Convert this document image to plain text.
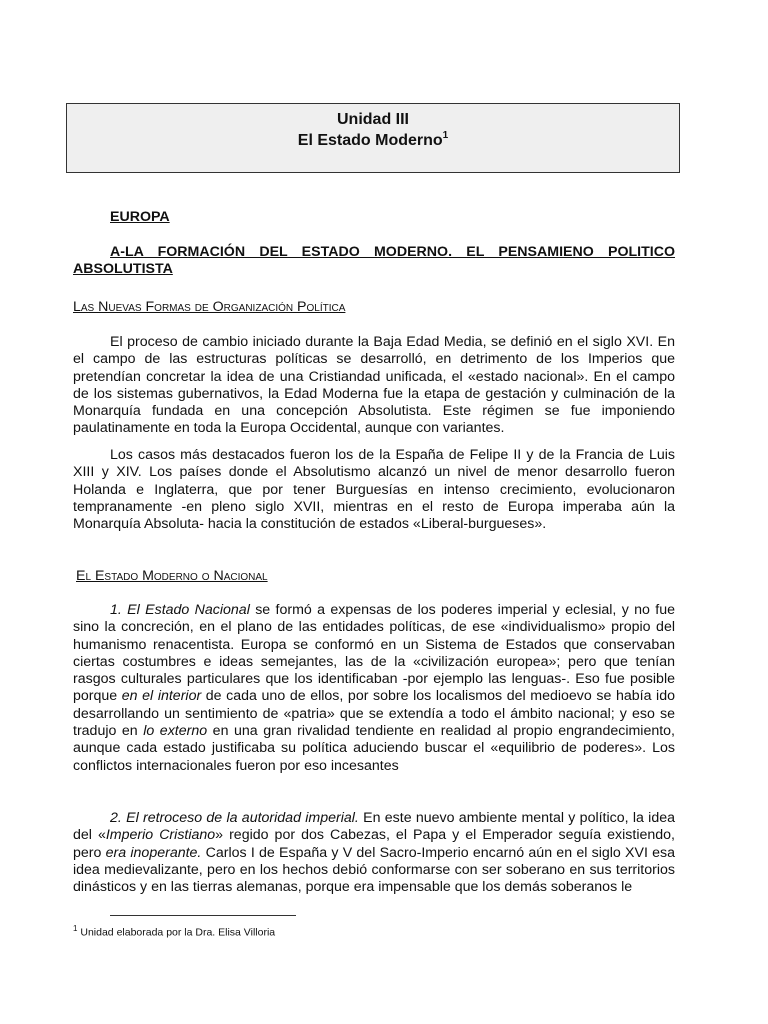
Unidad III
El Estado Moderno$^1$
EUROPA
A-LA FORMACIÓN DEL ESTADO MODERNO. EL PENSAMIENO POLITICO ABSOLUTISTA
Las Nuevas Formas de Organización Política

El proceso de cambio iniciado durante la Baja Edad Media, se definió en el siglo XVI. En el campo de las estructuras políticas se desarrolló, en detrimento de los Imperios que pretendían concretar la idea de una Cristiandad unificada, el «estado nacional». En el campo de los sistemas gubernativos, la Edad Moderna fue la etapa de gestación y culminación de la Monarquía fundada en una concepción Absolutista. Este régimen se fue imponiendo paulatinamente en toda la Europa Occidental, aunque con variantes.

Los casos más destacados fueron los de la España de Felipe II y de la Francia de Luis XIII y XIV. Los países donde el Absolutismo alcanzó un nivel de menor desarrollo fueron Holanda e Inglaterra, que por tener Burguesías en intenso crecimiento, evolucionaron tempranamente -en pleno siglo XVII, mientras en el resto de Europa imperaba aún la Monarquía Absoluta- hacia la constitución de estados «Liberal-burgueses».

El Estado Moderno o Nacional

1. El Estado Nacional se formó a expensas de los poderes imperial y eclesial, y no fue sino la concreción, en el plano de las entidades políticas, de ese «individualismo» propio del humanismo renacentista. Europa se conformó en un Sistema de Estados que conservaban ciertas costumbres e ideas semejantes, las de la «civilización europea»; pero que tenían rasgos culturales particulares que los identificaban -por ejemplo las lenguas-. Eso fue posible porque en el interior de cada uno de ellos, por sobre los localismos del medioevo se había ido desarrollando un sentimiento de «patria» que se extendía a todo el ámbito nacional; y eso se tradujo en lo externo en una gran rivalidad tendiente en realidad al propio engrandecimiento, aunque cada estado justificaba su política aduciendo buscar el «equilibrio de poderes». Los conflictos internacionales fueron por eso incesantes

2. El retroceso de la autoridad imperial. En este nuevo ambiente mental y político, la idea del «Imperio Cristiano» regido por dos Cabezas, el Papa y el Emperador seguía existiendo, pero era inoperante. Carlos I de España y V del Sacro-Imperio encarnó aún en el siglo XVI esa idea medievalizante, pero en los hechos debió conformarse con ser soberano en sus territorios dinásticos y en las tierras alemanas, porque era impensable que los demás soberanos le

$^1$ Unidad elaborada por la Dra. Elisa Villoria
